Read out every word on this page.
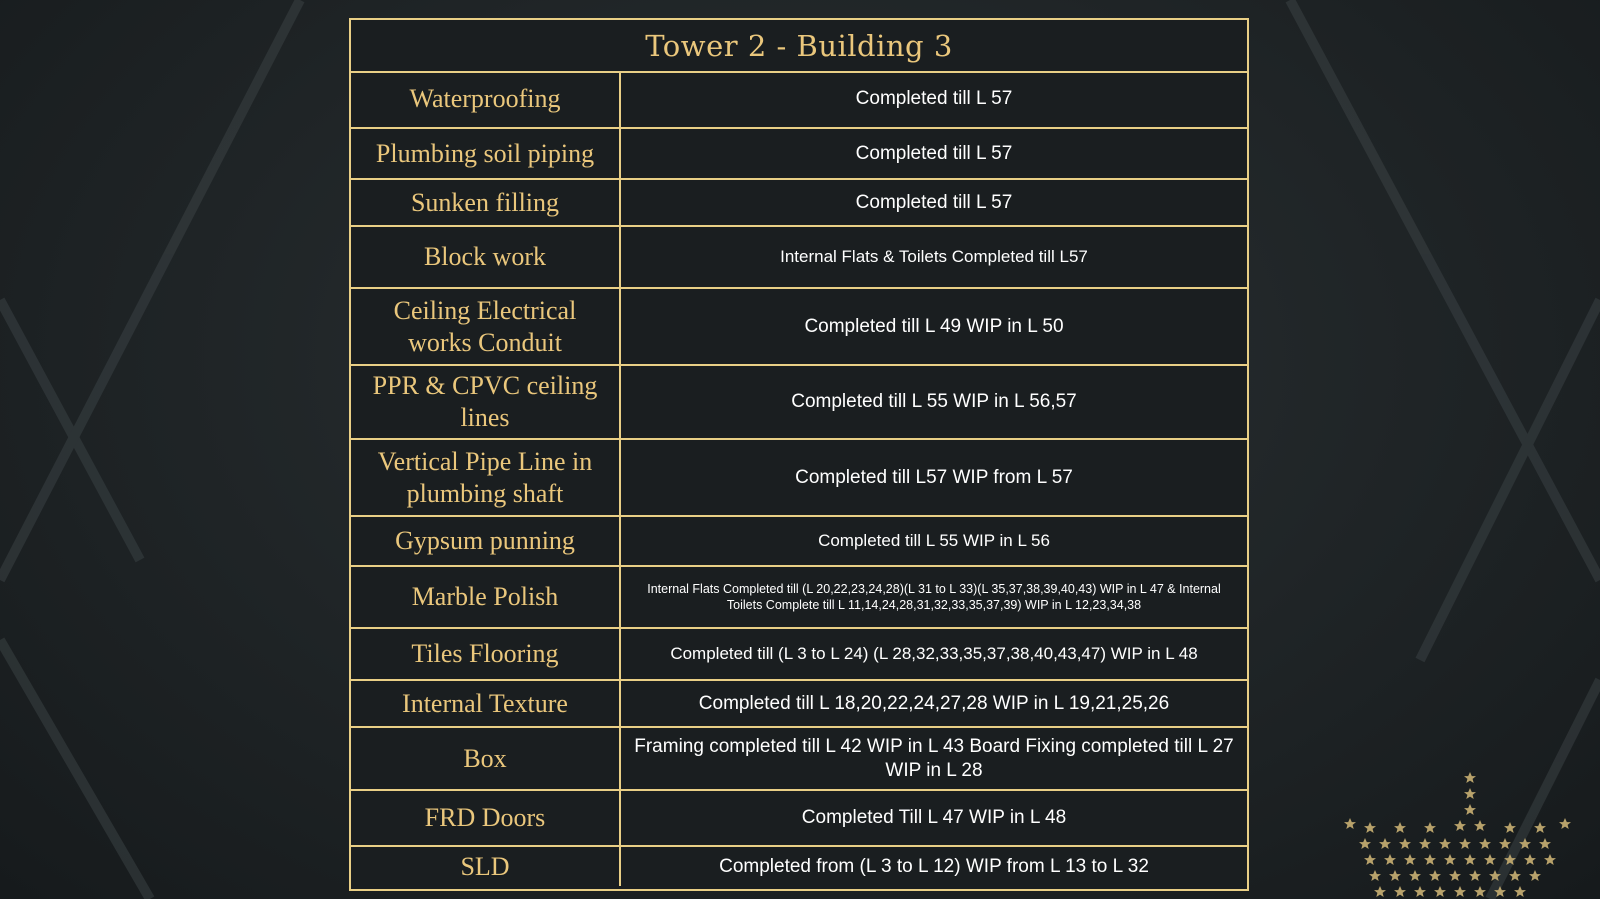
Tower 2 - Building 3
Waterproofing	Completed till L 57
Plumbing soil piping	Completed till L 57
Sunken filling	Completed till L 57
Block work	Internal Flats & Toilets Completed till L57
Ceiling Electrical works Conduit	Completed till L 49 WIP in L 50
PPR & CPVC ceiling lines	Completed till L 55 WIP in L 56,57
Vertical Pipe Line in plumbing shaft	Completed till L57 WIP from L 57
Gypsum punning	Completed till L 55 WIP in L 56
Marble Polish	Internal Flats Completed till (L 20,22,23,24,28)(L 31 to L 33)(L 35,37,38,39,40,43) WIP in L 47 & Internal Toilets Complete till L 11,14,24,28,31,32,33,35,37,39) WIP in L 12,23,34,38
Tiles Flooring	Completed till (L 3 to L 24) (L 28,32,33,35,37,38,40,43,47) WIP in L 48
Internal Texture	Completed till L 18,20,22,24,27,28 WIP in L 19,21,25,26
Box	Framing completed till L 42 WIP in L 43 Board Fixing completed till L 27 WIP in L 28
FRD Doors	Completed Till L 47 WIP in L 48
SLD	Completed from (L 3 to L 12) WIP from L 13 to L 32
